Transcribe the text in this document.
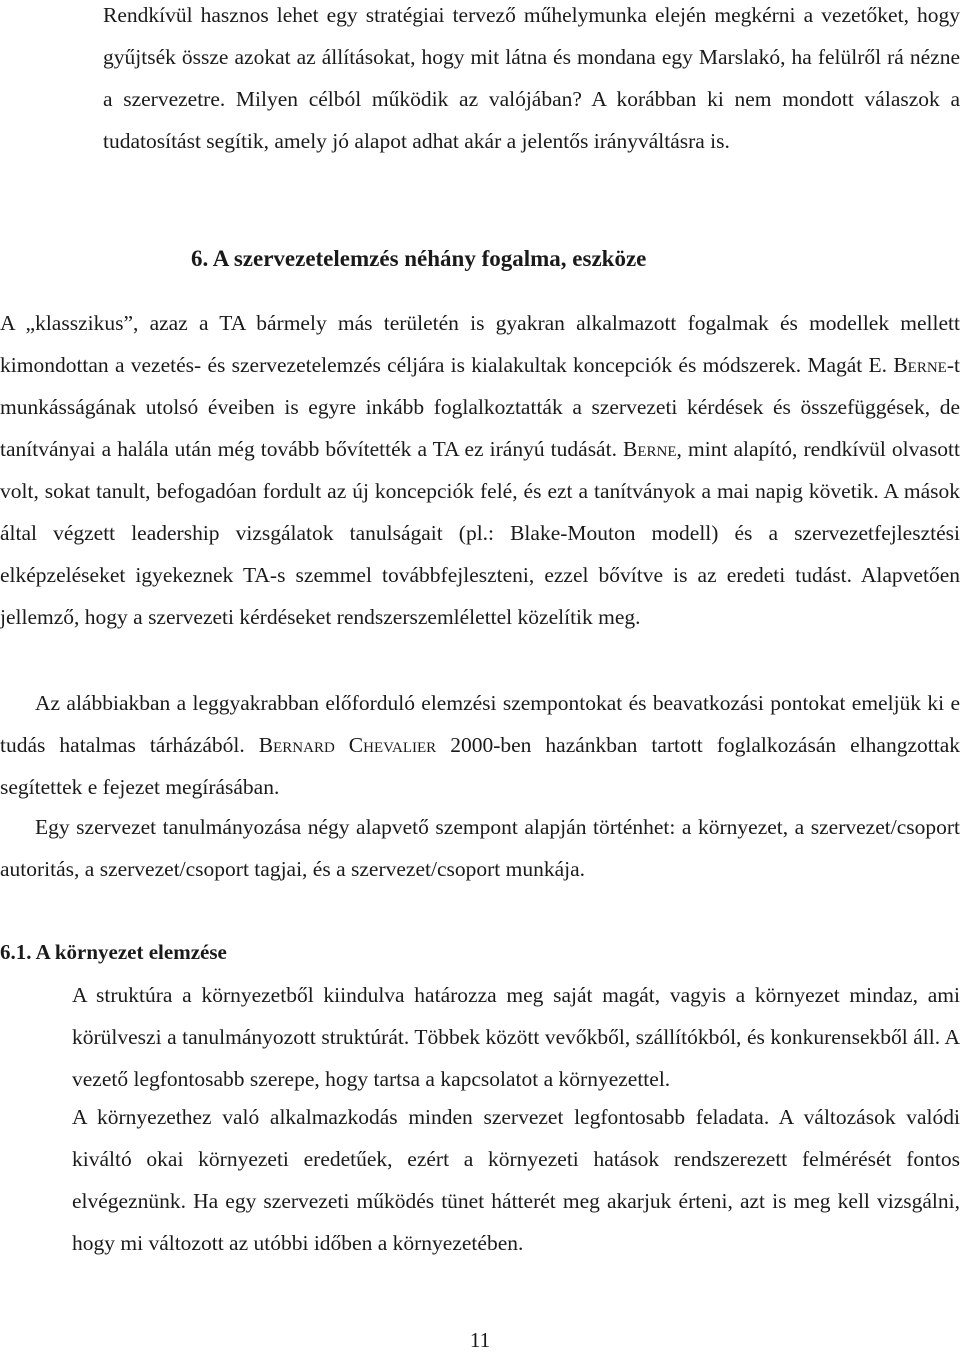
Rendkívül hasznos lehet egy stratégiai tervező műhelymunka elején megkérni a vezetőket, hogy gyűjtsék össze azokat az állításokat, hogy mit látna és mondana egy Marslakó, ha felülről rá nézne a szervezetre. Milyen célból működik az valójában? A korábban ki nem mondott válaszok a tudatosítást segítik, amely jó alapot adhat akár a jelentős irányváltásra is.

6. A szervezetelemzés néhány fogalma, eszköze

A „klasszikus”, azaz a TA bármely más területén is gyakran alkalmazott fogalmak és modellek mellett kimondottan a vezetés- és szervezetelemzés céljára is kialakultak koncepciók és módszerek. Magát E. Berne-t munkásságának utolsó éveiben is egyre inkább foglalkoztatták a szervezeti kérdések és összefüggések, de tanítványai a halála után még tovább bővítették a TA ez irányú tudását. Berne, mint alapító, rendkívül olvasott volt, sokat tanult, befogadóan fordult az új koncepciók felé, és ezt a tanítványok a mai napig követik. A mások által végzett leadership vizsgálatok tanulságait (pl.: Blake-Mouton modell) és a szervezetfejlesztési elképzeléseket igyekeznek TA-s szemmel továbbfejleszteni, ezzel bővítve is az eredeti tudást. Alapvetően jellemző, hogy a szervezeti kérdéseket rendszerszemlélettel közelítik meg.

Az alábbiakban a leggyakrabban előforduló elemzési szempontokat és beavatkozási pontokat emeljük ki e tudás hatalmas tárházából. Bernard Chevalier 2000-ben hazánkban tartott foglalkozásán elhangzottak segítettek e fejezet megírásában.

Egy szervezet tanulmányozása négy alapvető szempont alapján történhet: a környezet, a szervezet/csoport autoritás, a szervezet/csoport tagjai, és a szervezet/csoport munkája.

6.1. A környezet elemzése

A struktúra a környezetből kiindulva határozza meg saját magát, vagyis a környezet mindaz, ami körülveszi a tanulmányozott struktúrát. Többek között vevőkből, szállítókból, és konkurensekből áll. A vezető legfontosabb szerepe, hogy tartsa a kapcsolatot a környezettel.

A környezethez való alkalmazkodás minden szervezet legfontosabb feladata. A változások valódi kiváltó okai környezeti eredetűek, ezért a környezeti hatások rendszerezett felmérését fontos elvégeznünk. Ha egy szervezeti működés tünet hátterét meg akarjuk érteni, azt is meg kell vizsgálni, hogy mi változott az utóbbi időben a környezetében.

11
